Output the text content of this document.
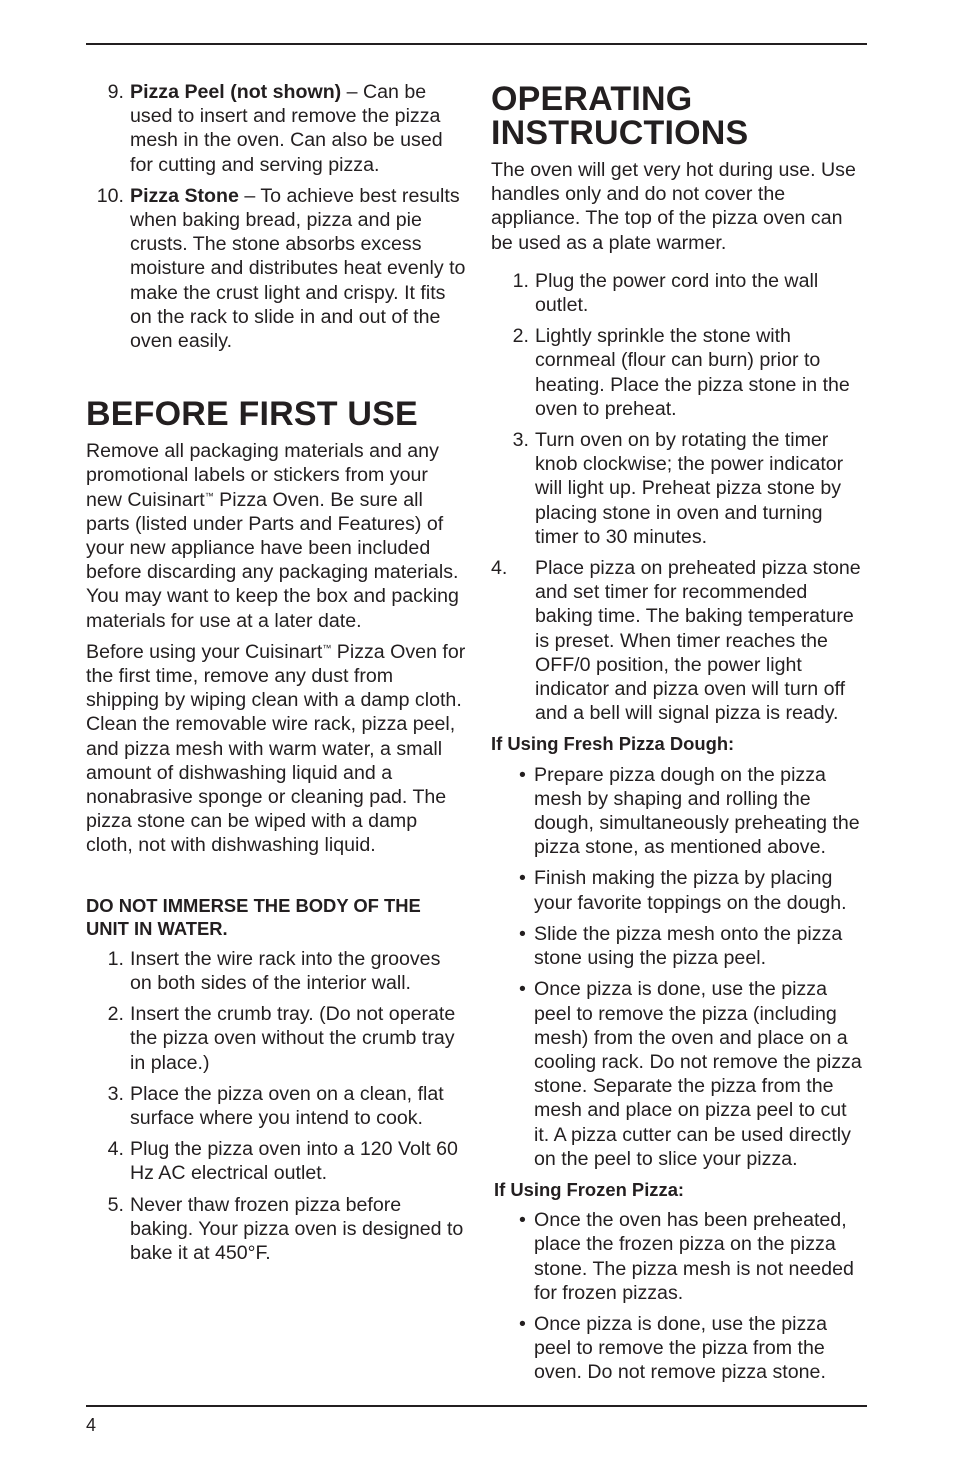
9. Pizza Peel (not shown) – Can be used to insert and remove the pizza mesh in the oven. Can also be used for cutting and serving pizza.
10. Pizza Stone – To achieve best results when baking bread, pizza and pie crusts. The stone absorbs excess moisture and distributes heat evenly to make the crust light and crispy. It fits on the rack to slide in and out of the oven easily.
BEFORE FIRST USE

Remove all packaging materials and any promotional labels or stickers from your new Cuisinart™ Pizza Oven. Be sure all parts (listed under Parts and Features) of your new appliance have been included before discarding any packaging materials. You may want to keep the box and packing materials for use at a later date.

Before using your Cuisinart™ Pizza Oven for the first time, remove any dust from shipping by wiping clean with a damp cloth. Clean the removable wire rack, pizza peel, and pizza mesh with warm water, a small amount of dishwashing liquid and a nonabrasive sponge or cleaning pad. The pizza stone can be wiped with a damp cloth, not with dishwashing liquid.

DO NOT IMMERSE THE BODY OF THE UNIT IN WATER.
1. Insert the wire rack into the grooves on both sides of the interior wall.
2. Insert the crumb tray. (Do not operate the pizza oven without the crumb tray in place.)
3. Place the pizza oven on a clean, flat surface where you intend to cook.
4. Plug the pizza oven into a 120 Volt 60 Hz AC electrical outlet.
5. Never thaw frozen pizza before baking. Your pizza oven is designed to bake it at 450°F.
OPERATING
INSTRUCTIONS

The oven will get very hot during use. Use handles only and do not cover the appliance. The top of the pizza oven can be used as a plate warmer.

1. Plug the power cord into the wall outlet.
2. Lightly sprinkle the stone with cornmeal (flour can burn) prior to heating. Place the pizza stone in the oven to preheat.
3. Turn oven on by rotating the timer knob clockwise; the power indicator will light up. Preheat pizza stone by placing stone in oven and turning timer to 30 minutes.
4.	Place pizza on preheated pizza stone and set timer for recommended baking time. The baking temperature is preset. When timer reaches the OFF/0 position, the power light indicator and pizza oven will turn off and a bell will signal pizza is ready.
If Using Fresh Pizza Dough:
• Prepare pizza dough on the pizza mesh by shaping and rolling the dough, simultaneously preheating the pizza stone, as mentioned above.
• Finish making the pizza by placing your favorite toppings on the dough.
• Slide the pizza mesh onto the pizza stone using the pizza peel.
• Once pizza is done, use the pizza peel to remove the pizza (including mesh) from the oven and place on a cooling rack. Do not remove the pizza stone. Separate the pizza from the mesh and place on pizza peel to cut it. A pizza cutter can be used directly on the peel to slice your pizza.
If Using Frozen Pizza:
• Once the oven has been preheated, place the frozen pizza on the pizza stone. The pizza mesh is not needed for frozen pizzas.
• Once pizza is done, use the pizza peel to remove the pizza from the oven. Do not remove pizza stone.
4
